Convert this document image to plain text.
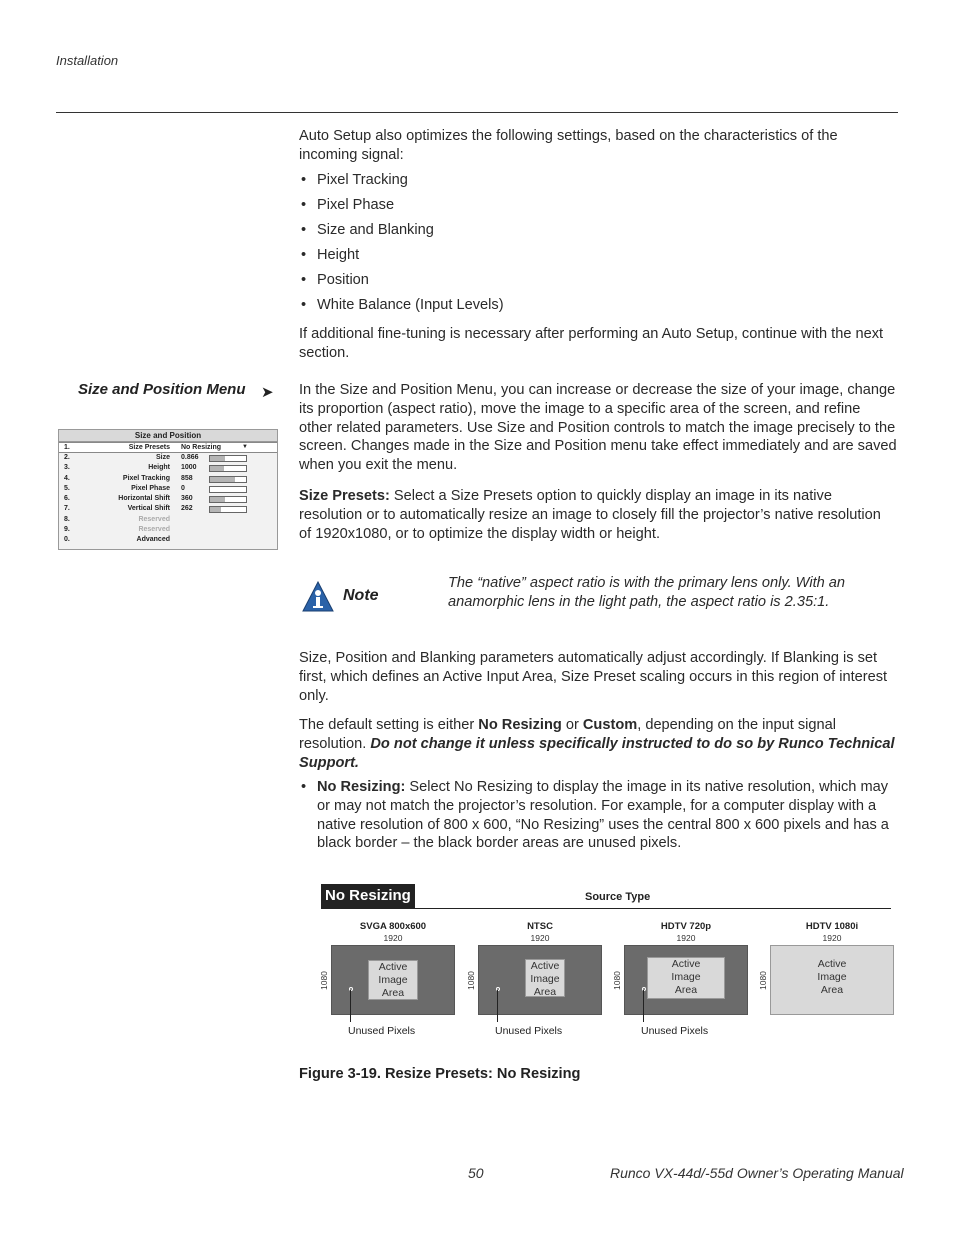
Installation
Auto Setup also optimizes the following settings, based on the characteristics of the incoming signal:
• Pixel Tracking
• Pixel Phase
• Size and Blanking
• Height
• Position
• White Balance (Input Levels)
If additional fine-tuning is necessary after performing an Auto Setup, continue with the next section.
Size and Position Menu ➤ In the Size and Position Menu, you can increase or decrease the size of your image, change its proportion (aspect ratio), move the image to a specific area of the screen, and refine other related parameters. Use Size and Position controls to match the image precisely to the screen. Changes made in the Size and Position menu take effect immediately and are saved when you exit the menu.
Size and Position
1.	Size Presets No Resizing	▼
2.	Size 0.866
3.	Height 1000
4.	Pixel Tracking 858
5.	Pixel Phase 0
6.	Horizontal Shift 360
7.	Vertical Shift 262
8.	Reserved
9.	Reserved
0.	Advanced
Size Presets: Select a Size Presets option to quickly display an image in its native resolution or to automatically resize an image to closely fill the projector’s native resolution of 1920x1080, or to optimize the display width or height.
Note
The “native” aspect ratio is with the primary lens only. With an anamorphic lens in the light path, the aspect ratio is 2.35:1.
Size, Position and Blanking parameters automatically adjust accordingly. If Blanking is set first, which defines an Active Input Area, Size Preset scaling occurs in this region of interest only.
The default setting is either No Resizing or Custom, depending on the input signal resolution. Do not change it unless specifically instructed to do so by Runco Technical Support.
• No Resizing: Select No Resizing to display the image in its native resolution, which may or may not match the projector’s resolution. For example, for a computer display with a native resolution of 800 x 600, “No Resizing” uses the central 800 x 600 pixels and has a black border – the black border areas are unused pixels.
No Resizing	Source Type
SVGA 800x600
1920
1080
Active
Image
Area
Unused Pixels
NTSC
1920
1080
Active
Image
Area
Unused Pixels
HDTV 720p
1920
1080
Active
Image
Area
Unused Pixels
HDTV 1080i
1920
1080
Active
Image
Area
Figure 3-19. Resize Presets: No Resizing
50	Runco VX-44d/-55d Owner’s Operating Manual
